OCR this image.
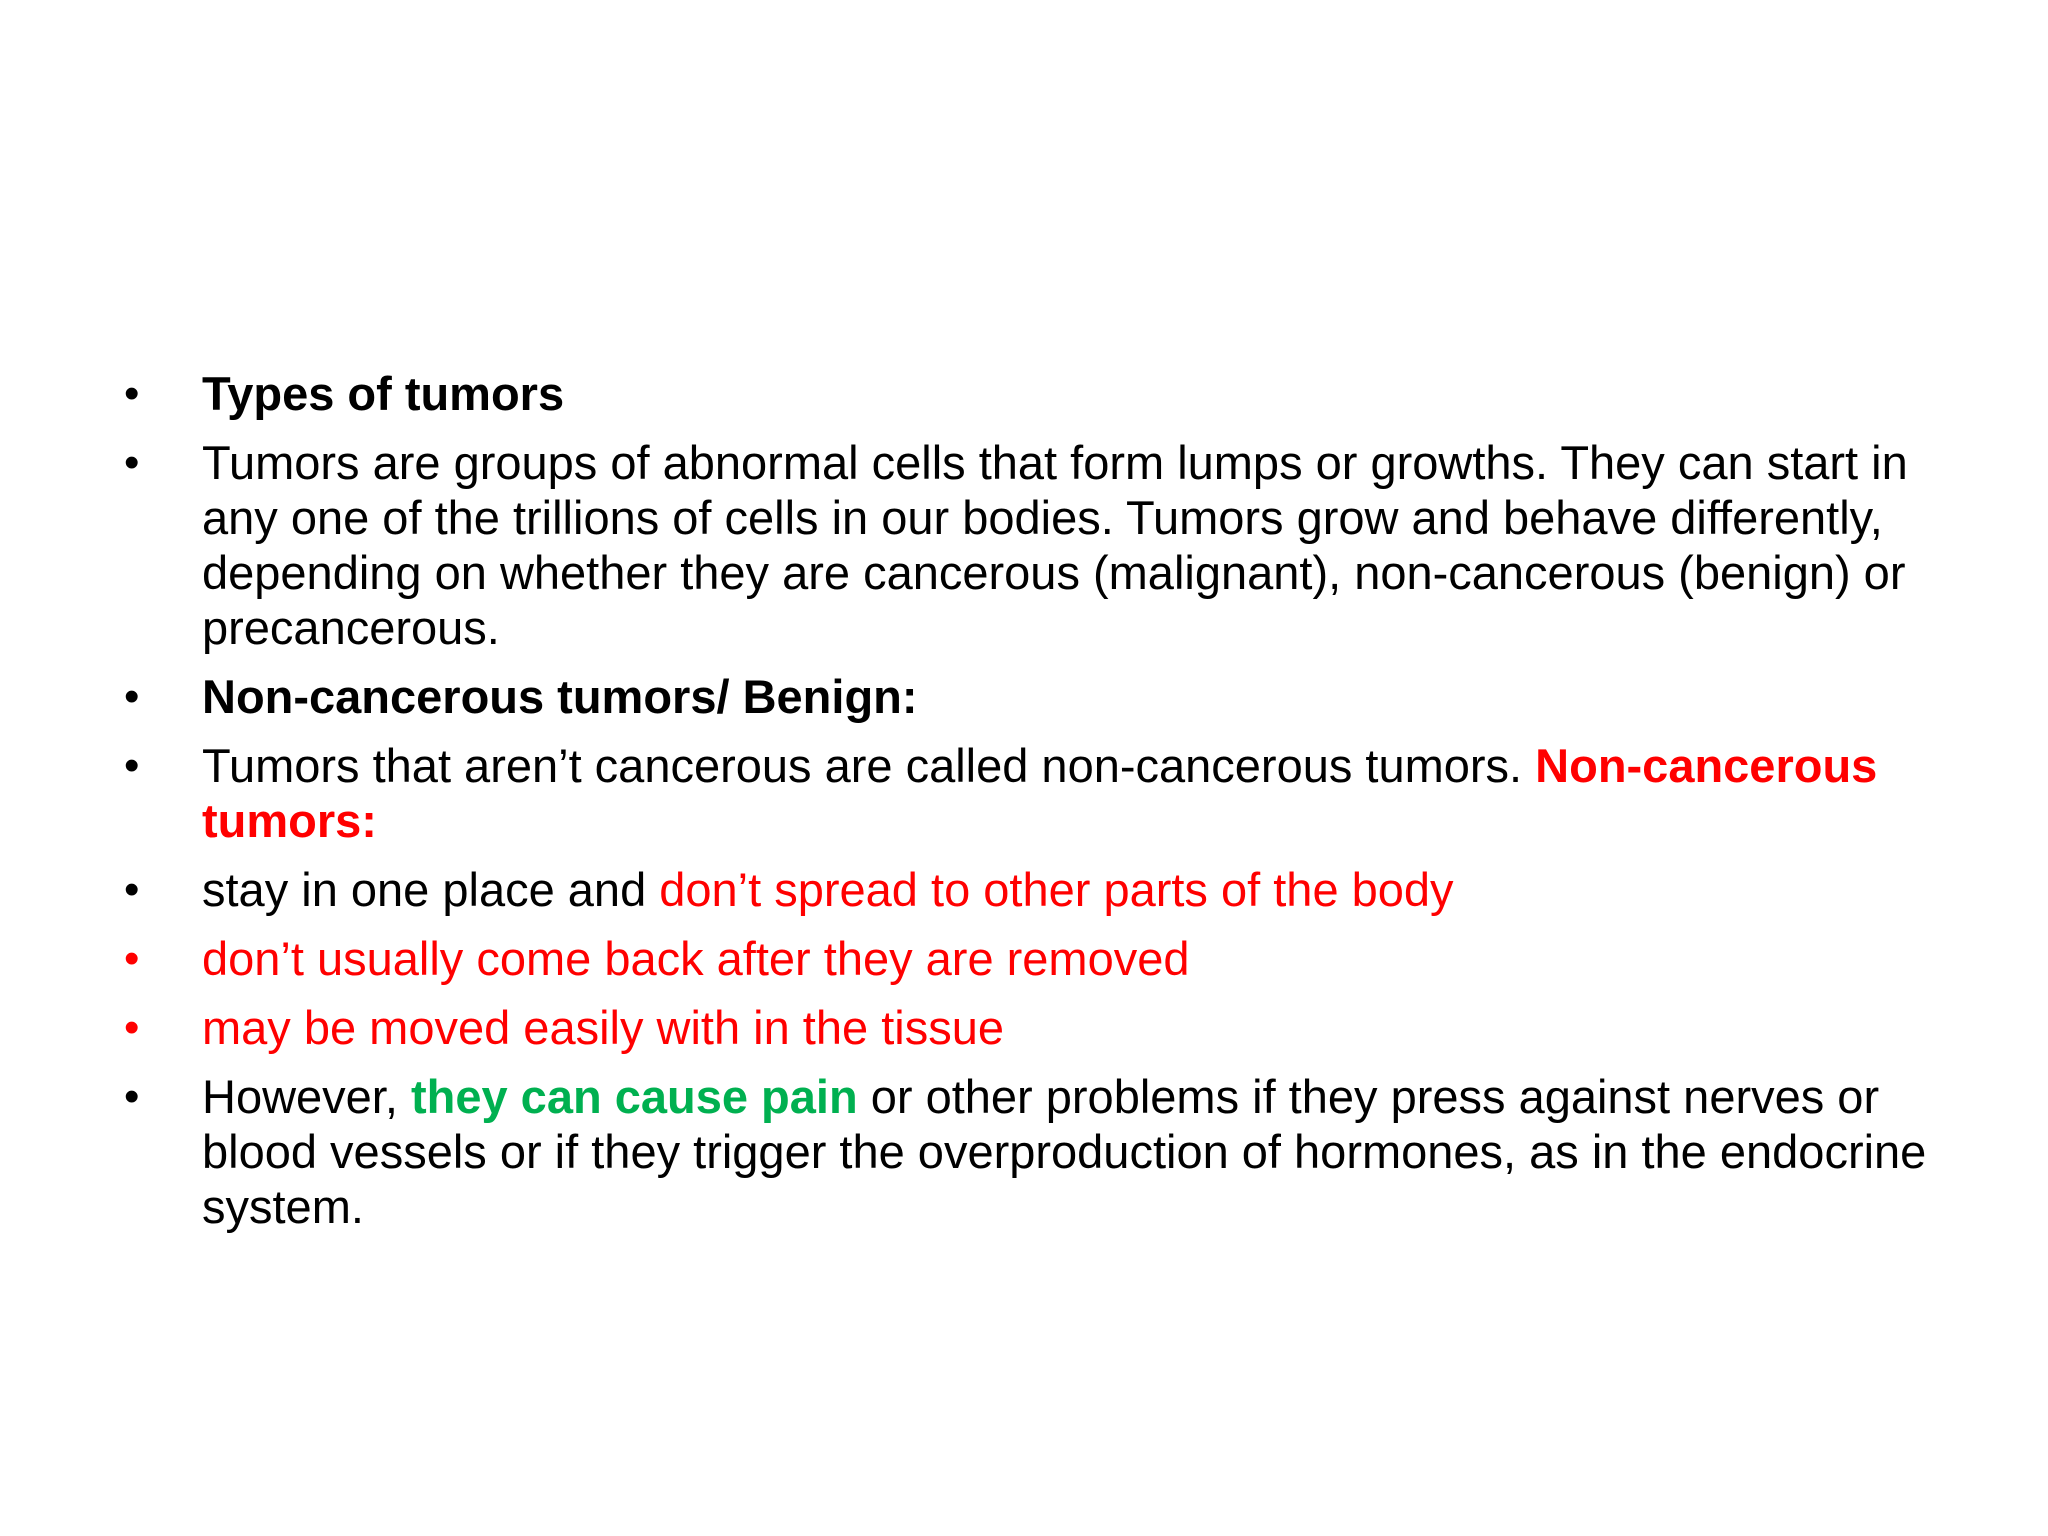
•	Types of tumors
•	Tumors are groups of abnormal cells that form lumps or growths. They can start in any one of the trillions of cells in our bodies. Tumors grow and behave differently, depending on whether they are cancerous (malignant), non-cancerous (benign) or precancerous.
•	Non-cancerous tumors/ Benign:
•	Tumors that aren’t cancerous are called non-cancerous tumors. Non-cancerous tumors:
•	stay in one place and don’t spread to other parts of the body
•	don’t usually come back after they are removed
•	may be moved easily with in the tissue
•	However, they can cause pain or other problems if they press against nerves or blood vessels or if they trigger the overproduction of hormones, as in the endocrine system.
